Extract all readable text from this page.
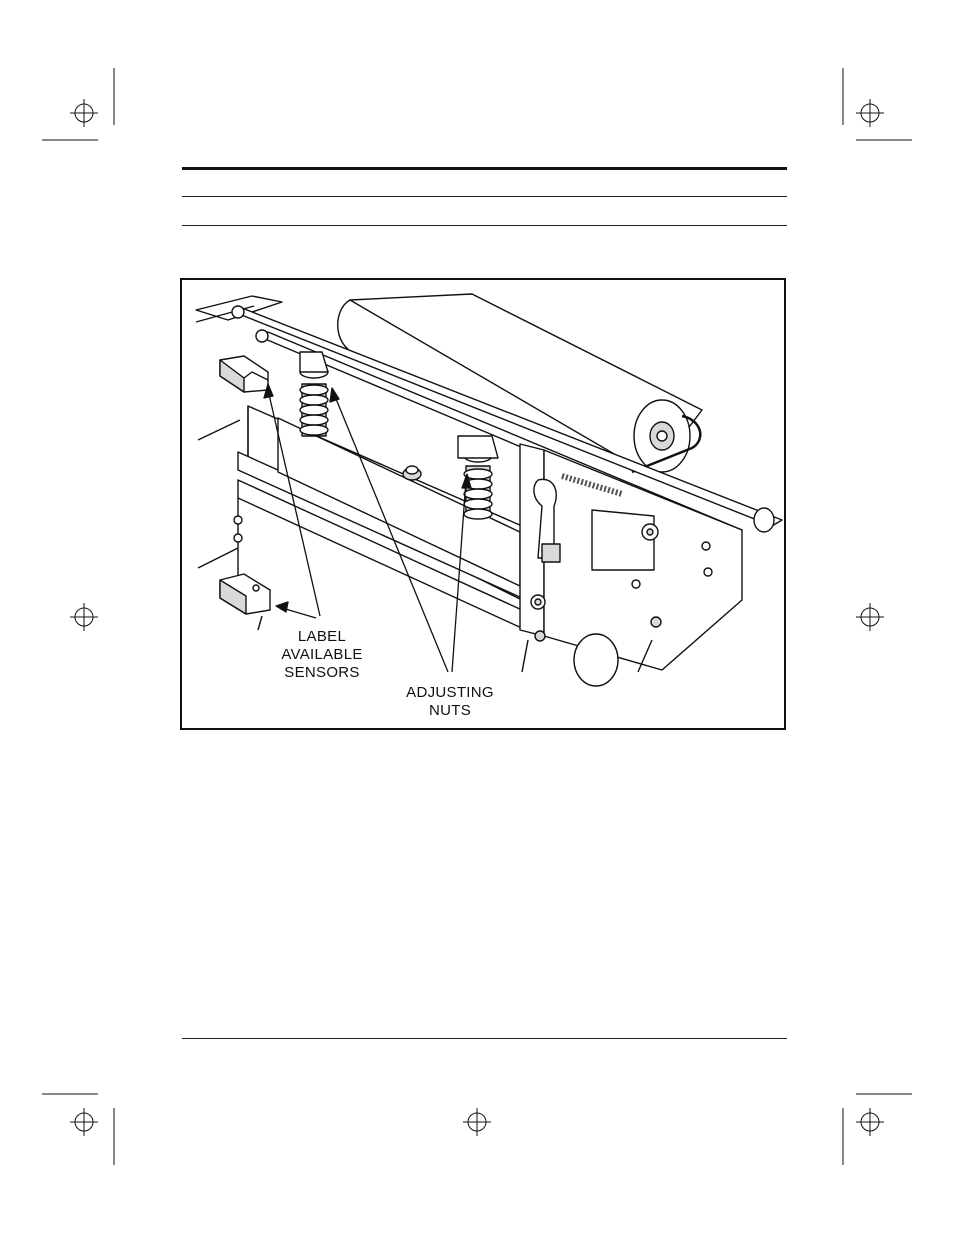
LABEL
AVAILABLE
SENSORS
ADJUSTING
NUTS
